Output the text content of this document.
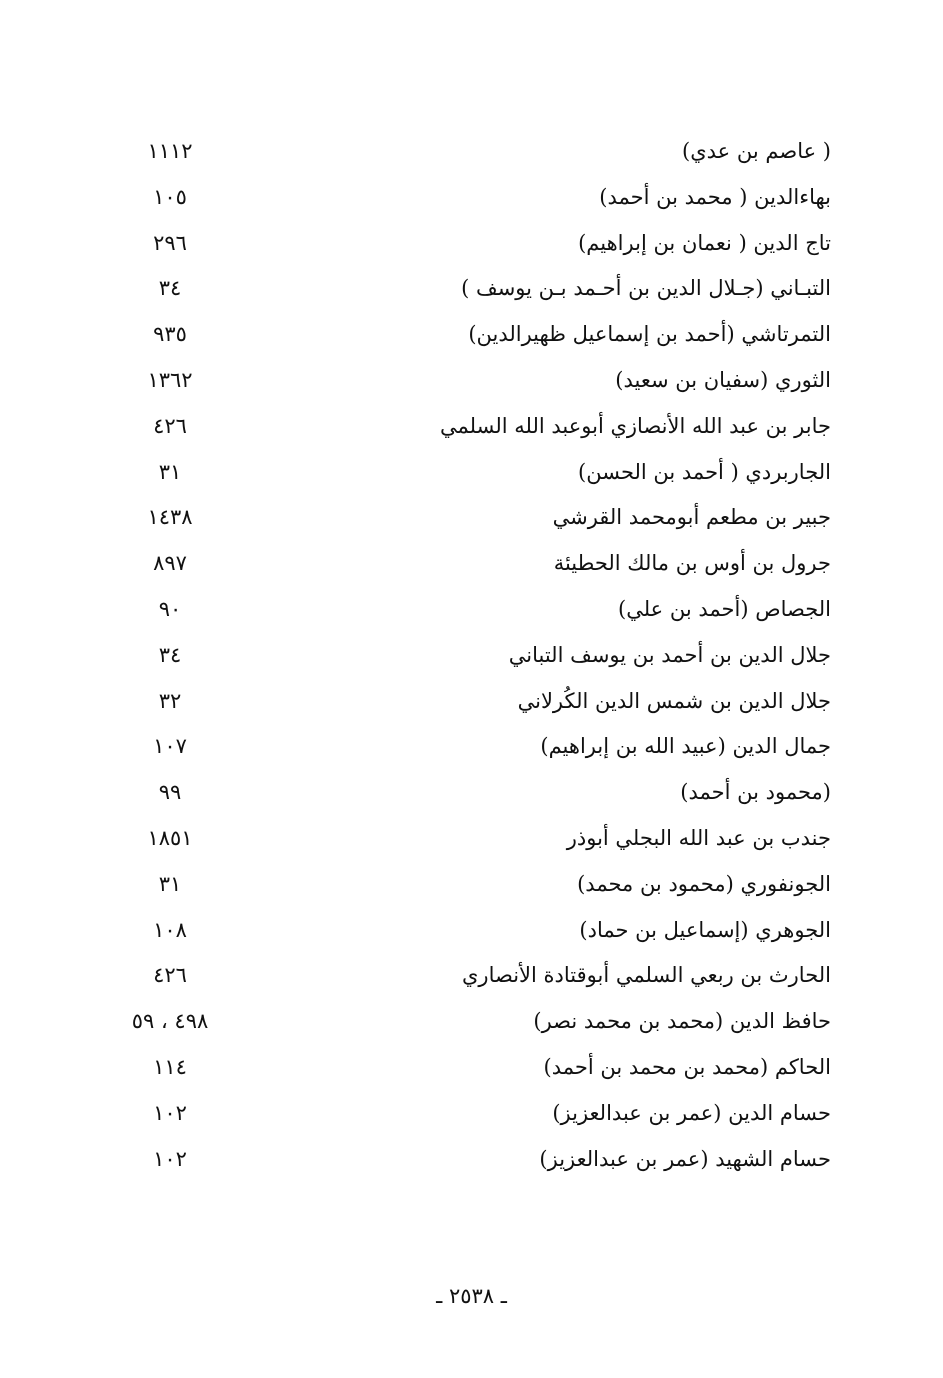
( عاصم بن عدي)
١١١٢
بهاءالدين ( محمد بن أحمد)
١٠٥
تاج الدين ( نعمان بن إبراهيم)
٢٩٦
التبـاني (جـلال الدين بن أحـمد بـن يوسف )
٣٤
التمرتاشي (أحمد بن إسماعيل ظهيرالدين)
٩٣٥
الثوري (سفيان بن سعيد)
١٣٦٢
جابر بن عبد الله الأنصازي أبوعبد الله السلمي
٤٢٦
الجاربردي ( أحمد بن الحسن)
٣١
جبير بن مطعم أبومحمد القرشي
١٤٣٨
جرول بن أوس بن مالك الحطيئة
٨٩٧
الجصاص (أحمد بن علي)
٩٠
جلال الدين بن أحمد بن يوسف التباني
٣٤
جلال الدين بن شمس الدين الكُرلاني
٣٢
جمال الدين (عبيد الله بن إبراهيم)
١٠٧
(محمود بن أحمد)
٩٩
جندب بن عبد الله البجلي أبوذر
١٨٥١
الجونفوري (محمود بن محمد)
٣١
الجوهري (إسماعيل بن حماد)
١٠٨
الحارث بن ربعي السلمي أبوقتادة الأنصاري
٤٢٦
حافظ الدين (محمد بن محمد نصر)
٤٩٨ ، ٥٩
الحاكم (محمد بن محمد بن أحمد)
١١٤
حسام الدين (عمر بن عبدالعزيز)
١٠٢
حسام الشهيد (عمر بن عبدالعزيز)
١٠٢
ـ ٢٥٣٨ ـ
